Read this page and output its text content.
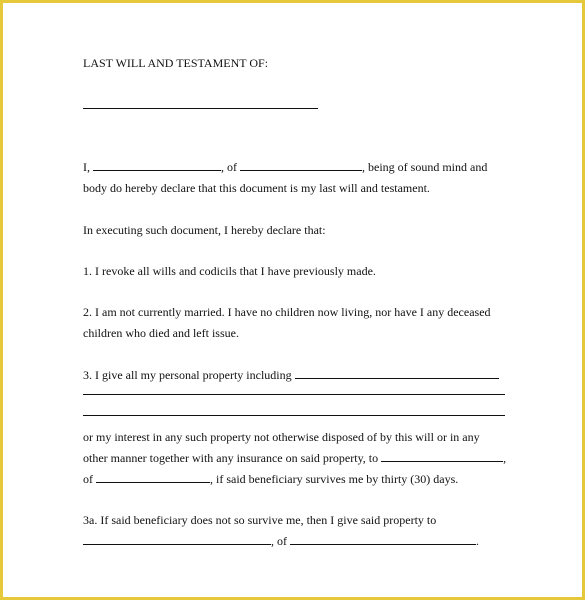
LAST WILL AND TESTAMENT OF:
I,	, of	, being of sound mind and
body do hereby declare that this document is my last will and testament.
In executing such document, I hereby declare that:
1. I revoke all wills and codicils that I have previously made.
2. I am not currently married. I have no children now living, nor have I any deceased
children who died and left issue.
3. I give all my personal property including
or my interest in any such property not otherwise disposed of by this will or in any
other manner together with any insurance on said property, to	,
of	, if said beneficiary survives me by thirty (30) days.
3a. If said beneficiary does not so survive me, then I give said property to
, of	.
